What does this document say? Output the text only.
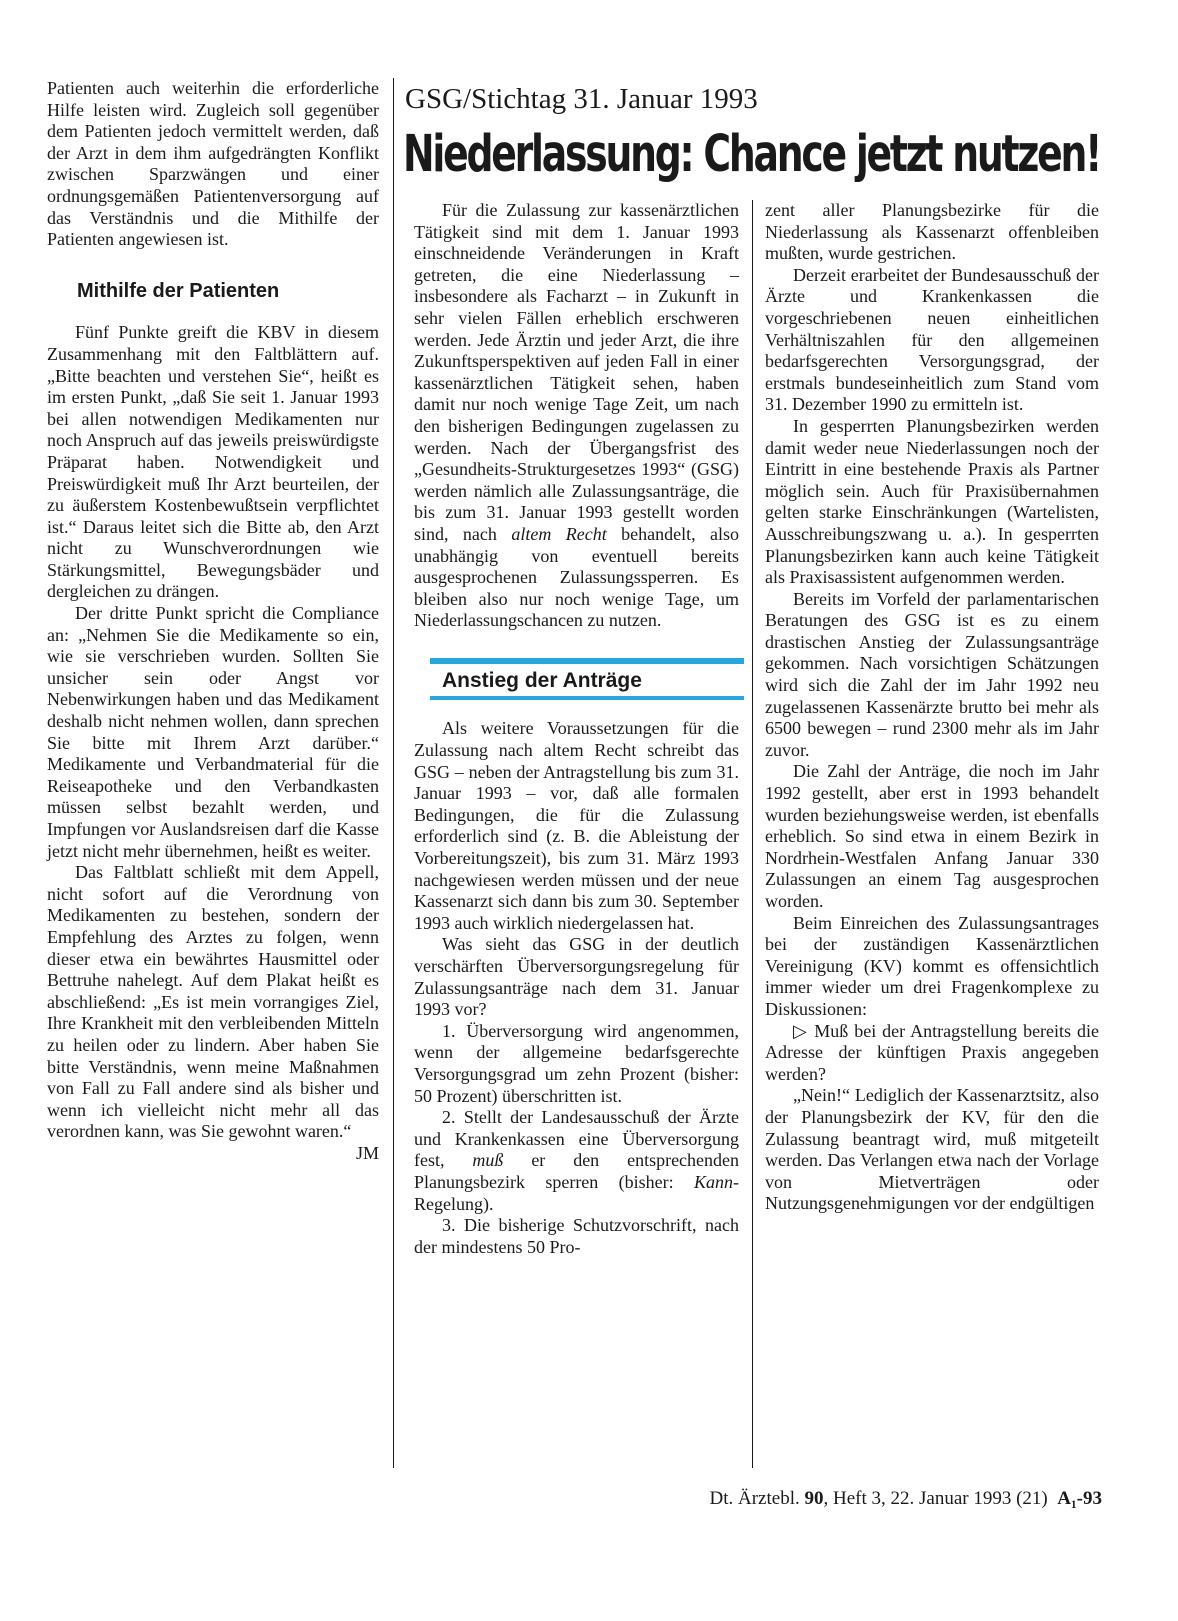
GSG/Stichtag 31. Januar 1993
Niederlassung: Chance jetzt nutzen!

Patienten auch weiterhin die erforderliche Hilfe leisten wird. Zugleich soll gegenüber dem Patienten jedoch vermittelt werden, daß der Arzt in dem ihm aufgedrängten Konflikt zwischen Sparzwängen und einer ordnungsgemäßen Patientenversorgung auf das Verständnis und die Mithilfe der Patienten angewiesen ist.

Mithilfe der Patienten

Fünf Punkte greift die KBV in diesem Zusammenhang mit den Faltblättern auf. „Bitte beachten und verstehen Sie“, heißt es im ersten Punkt, „daß Sie seit 1. Januar 1993 bei allen notwendigen Medikamenten nur noch Anspruch auf das jeweils preiswürdigste Präparat haben. Notwendigkeit und Preiswürdigkeit muß Ihr Arzt beurteilen, der zu äußerstem Kostenbewußtsein verpflichtet ist.“ Daraus leitet sich die Bitte ab, den Arzt nicht zu Wunschverordnungen wie Stärkungsmittel, Bewegungsbäder und dergleichen zu drängen.

Der dritte Punkt spricht die Compliance an: „Nehmen Sie die Medikamente so ein, wie sie verschrieben wurden. Sollten Sie unsicher sein oder Angst vor Nebenwirkungen haben und das Medikament deshalb nicht nehmen wollen, dann sprechen Sie bitte mit Ihrem Arzt darüber.“ Medikamente und Verbandmaterial für die Reiseapotheke und den Verbandkasten müssen selbst bezahlt werden, und Impfungen vor Auslandsreisen darf die Kasse jetzt nicht mehr übernehmen, heißt es weiter.

Das Faltblatt schließt mit dem Appell, nicht sofort auf die Verordnung von Medikamenten zu bestehen, sondern der Empfehlung des Arztes zu folgen, wenn dieser etwa ein bewährtes Hausmittel oder Bettruhe nahelegt. Auf dem Plakat heißt es abschließend: „Es ist mein vorrangiges Ziel, Ihre Krankheit mit den verbleibenden Mitteln zu heilen oder zu lindern. Aber haben Sie bitte Verständnis, wenn meine Maßnahmen von Fall zu Fall andere sind als bisher und wenn ich vielleicht nicht mehr all das verordnen kann, was Sie gewohnt waren.“
JM

Für die Zulassung zur kassenärztlichen Tätigkeit sind mit dem 1. Januar 1993 einschneidende Veränderungen in Kraft getreten, die eine Niederlassung – insbesondere als Facharzt – in Zukunft in sehr vielen Fällen erheblich erschweren werden. Jede Ärztin und jeder Arzt, die ihre Zukunftsperspektiven auf jeden Fall in einer kassenärztlichen Tätigkeit sehen, haben damit nur noch wenige Tage Zeit, um nach den bisherigen Bedingungen zugelassen zu werden. Nach der Übergangsfrist des „Gesundheits-Strukturgesetzes 1993“ (GSG) werden nämlich alle Zulassungsanträge, die bis zum 31. Januar 1993 gestellt worden sind, nach altem Recht behandelt, also unabhängig von eventuell bereits ausgesprochenen Zulassungssperren. Es bleiben also nur noch wenige Tage, um Niederlassungschancen zu nutzen.

Anstieg der Anträge

Als weitere Voraussetzungen für die Zulassung nach altem Recht schreibt das GSG – neben der Antragstellung bis zum 31. Januar 1993 – vor, daß alle formalen Bedingungen, die für die Zulassung erforderlich sind (z. B. die Ableistung der Vorbereitungszeit), bis zum 31. März 1993 nachgewiesen werden müssen und der neue Kassenarzt sich dann bis zum 30. September 1993 auch wirklich niedergelassen hat.

Was sieht das GSG in der deutlich verschärften Überversorgungsregelung für Zulassungsanträge nach dem 31. Januar 1993 vor?

1. Überversorgung wird angenommen, wenn der allgemeine bedarfsgerechte Versorgungsgrad um zehn Prozent (bisher: 50 Prozent) überschritten ist.

2. Stellt der Landesausschuß der Ärzte und Krankenkassen eine Überversorgung fest, muß er den entsprechenden Planungsbezirk sperren (bisher: Kann-Regelung).

3. Die bisherige Schutzvorschrift, nach der mindestens 50 Pro-

zent aller Planungsbezirke für die Niederlassung als Kassenarzt offenbleiben mußten, wurde gestrichen.

Derzeit erarbeitet der Bundesausschuß der Ärzte und Krankenkassen die vorgeschriebenen neuen einheitlichen Verhältniszahlen für den allgemeinen bedarfsgerechten Versorgungsgrad, der erstmals bundeseinheitlich zum Stand vom 31. Dezember 1990 zu ermitteln ist.

In gesperrten Planungsbezirken werden damit weder neue Niederlassungen noch der Eintritt in eine bestehende Praxis als Partner möglich sein. Auch für Praxisübernahmen gelten starke Einschränkungen (Wartelisten, Ausschreibungszwang u. a.). In gesperrten Planungsbezirken kann auch keine Tätigkeit als Praxisassistent aufgenommen werden.

Bereits im Vorfeld der parlamentarischen Beratungen des GSG ist es zu einem drastischen Anstieg der Zulassungsanträge gekommen. Nach vorsichtigen Schätzungen wird sich die Zahl der im Jahr 1992 neu zugelassenen Kassenärzte brutto bei mehr als 6500 bewegen – rund 2300 mehr als im Jahr zuvor.

Die Zahl der Anträge, die noch im Jahr 1992 gestellt, aber erst in 1993 behandelt wurden beziehungsweise werden, ist ebenfalls erheblich. So sind etwa in einem Bezirk in Nordrhein-Westfalen Anfang Januar 330 Zulassungen an einem Tag ausgesprochen worden.

Beim Einreichen des Zulassungsantrages bei der zuständigen Kassenärztlichen Vereinigung (KV) kommt es offensichtlich immer wieder um drei Fragenkomplexe zu Diskussionen:

▷ Muß bei der Antragstellung bereits die Adresse der künftigen Praxis angegeben werden?

„Nein!“ Lediglich der Kassenarztsitz, also der Planungsbezirk der KV, für den die Zulassung beantragt wird, muß mitgeteilt werden. Das Verlangen etwa nach der Vorlage von Mietverträgen oder Nutzungsgenehmigungen vor der endgültigen

Dt. Ärztebl. 90, Heft 3, 22. Januar 1993 (21) A₁-93
